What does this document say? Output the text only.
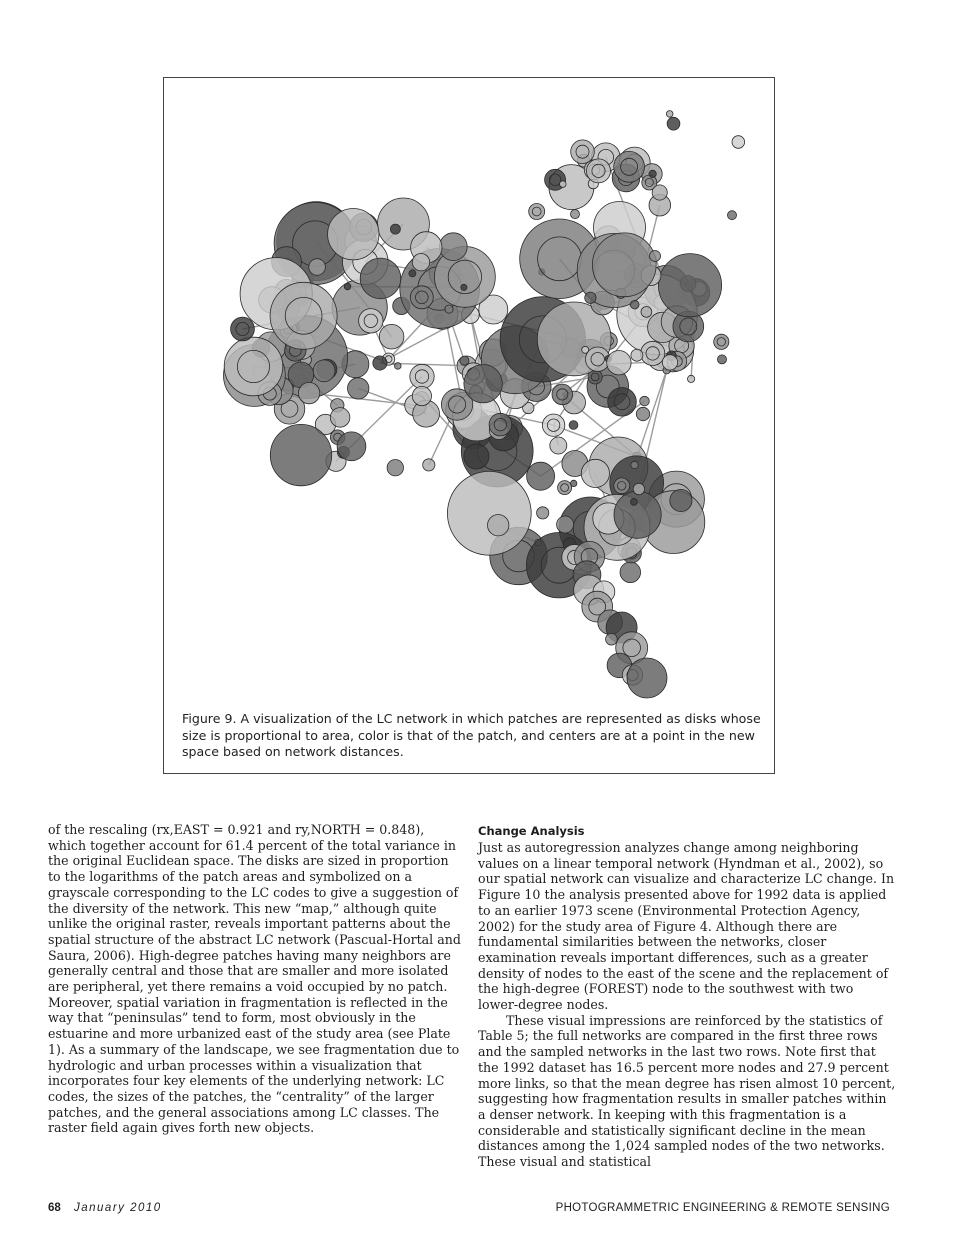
Figure 9. A visualization of the LC network in which patches are represented as disks whose size is proportional to area, color is that of the patch, and centers are at a point in the new space based on network distances.

of the rescaling (rx,EAST = 0.921 and ry,NORTH = 0.848), which together account for 61.4 percent of the total variance in the original Euclidean space. The disks are sized in proportion to the logarithms of the patch areas and symbolized on a grayscale corresponding to the LC codes to give a suggestion of the diversity of the network. This new “map,” although quite unlike the original raster, reveals important patterns about the spatial structure of the abstract LC network (Pascual-Hortal and Saura, 2006). High-degree patches having many neighbors are generally central and those that are smaller and more isolated are peripheral, yet there remains a void occupied by no patch. Moreover, spatial variation in fragmentation is reflected in the way that “peninsulas” tend to form, most obviously in the estuarine and more urbanized east of the study area (see Plate 1). As a summary of the landscape, we see fragmentation due to hydrologic and urban processes within a visualization that incorporates four key elements of the underlying network: LC codes, the sizes of the patches, the “centrality” of the larger patches, and the general associations among LC classes. The raster field again gives forth new objects.

Change Analysis

Just as autoregression analyzes change among neighboring values on a linear temporal network (Hyndman et al., 2002), so our spatial network can visualize and characterize LC change. In Figure 10 the analysis presented above for 1992 data is applied to an earlier 1973 scene (Environmental Protection Agency, 2002) for the study area of Figure 4. Although there are fundamental similarities between the networks, closer examination reveals important differences, such as a greater density of nodes to the east of the scene and the replacement of the high-degree (FOREST) node to the southwest with two lower-degree nodes.

These visual impressions are reinforced by the statistics of Table 5; the full networks are compared in the first three rows and the sampled networks in the last two rows. Note first that the 1992 dataset has 16.5 percent more nodes and 27.9 percent more links, so that the mean degree has risen almost 10 percent, suggesting how fragmentation results in smaller patches within a denser network. In keeping with this fragmentation is a considerable and statistically significant decline in the mean distances among the 1,024 sampled nodes of the two networks. These visual and statistical

68 January 2010	PHOTOGRAMMETRIC ENGINEERING & REMOTE SENSING
